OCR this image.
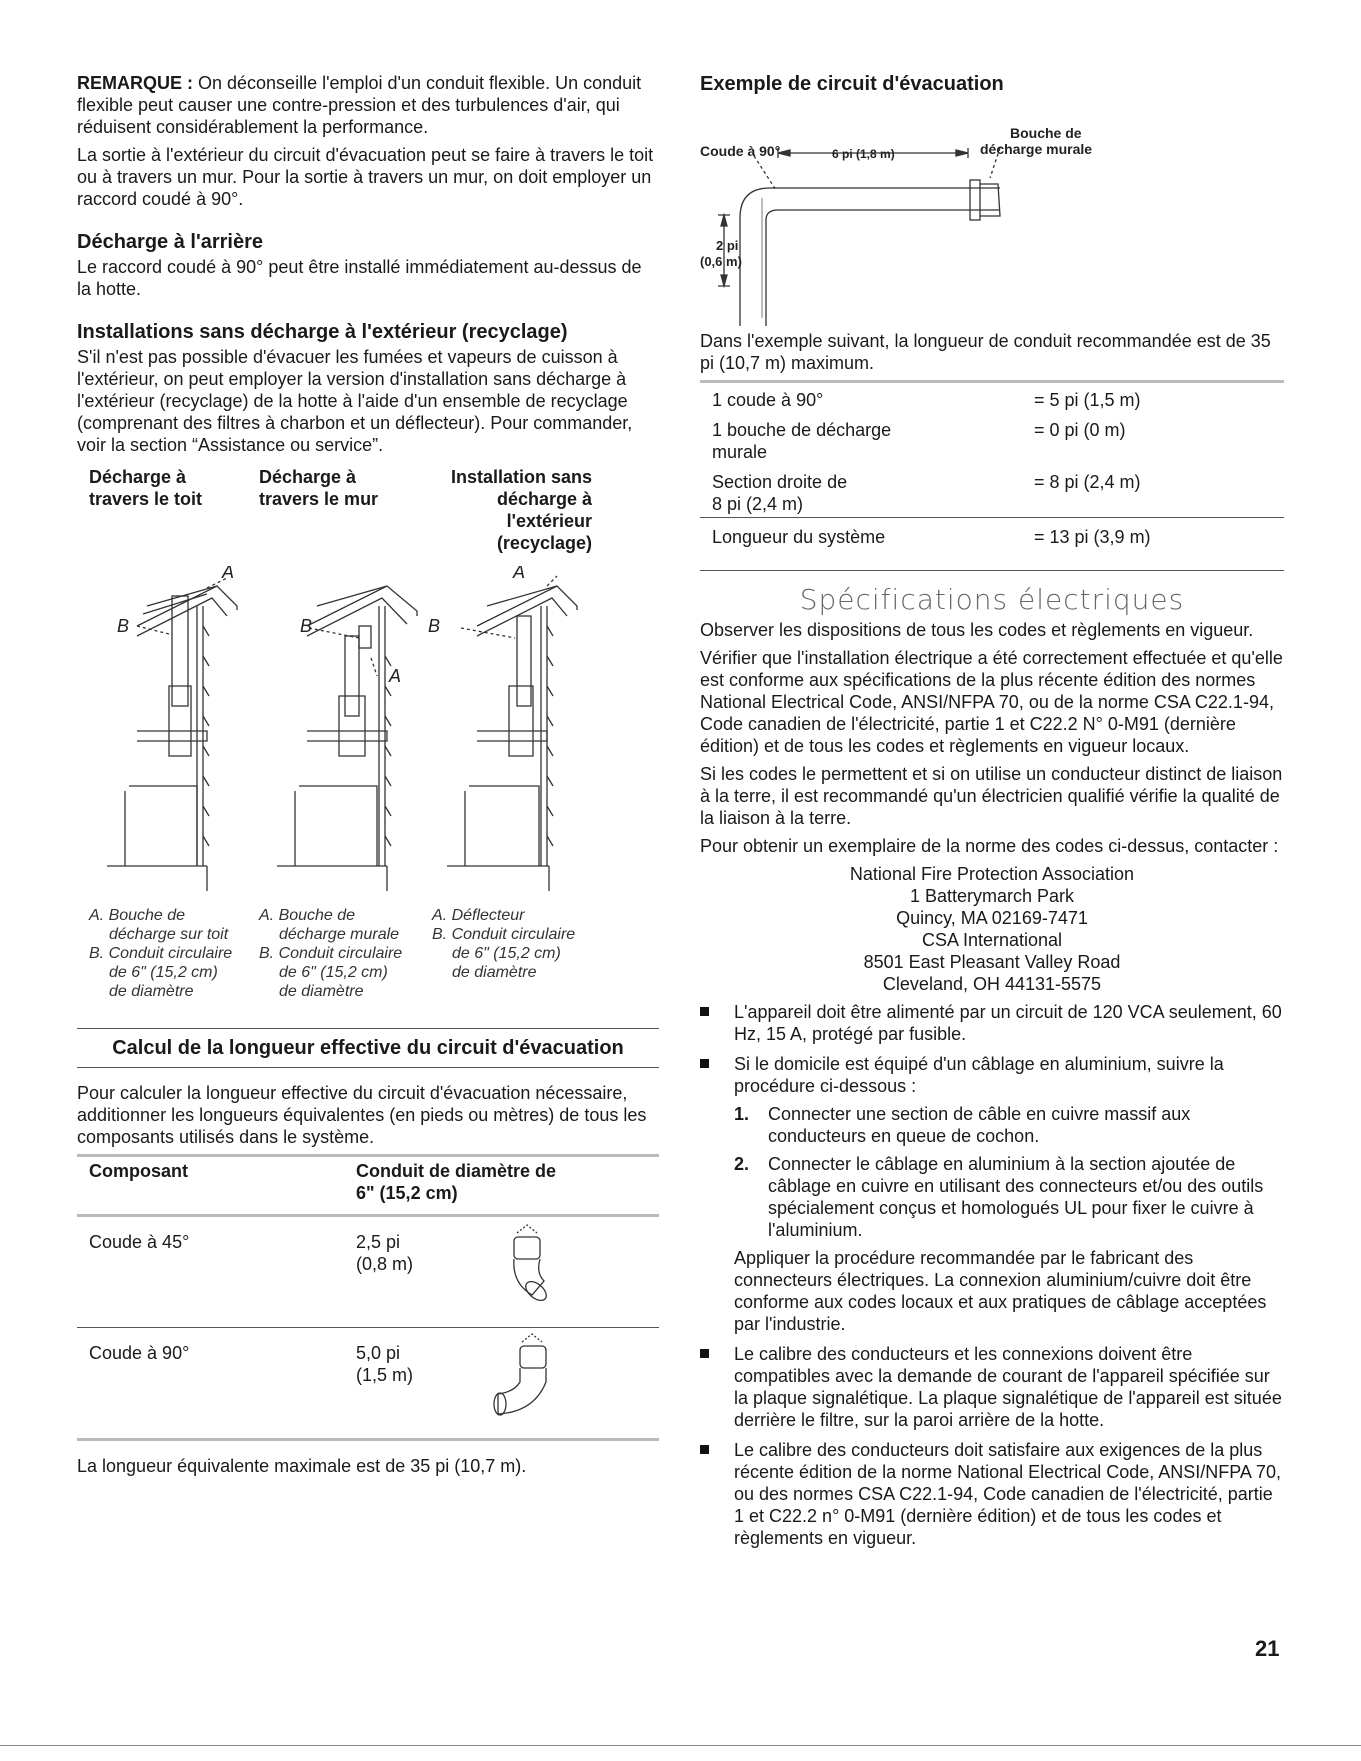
REMARQUE : On déconseille l'emploi d'un conduit flexible. Un conduit flexible peut causer une contre-pression et des turbulences d'air, qui réduisent considérablement la performance.

La sortie à l'extérieur du circuit d'évacuation peut se faire à travers le toit ou à travers un mur. Pour la sortie à travers un mur, on doit employer un raccord coudé à 90°.

Décharge à l'arrière

Le raccord coudé à 90° peut être installé immédiatement au-dessus de la hotte.

Installations sans décharge à l'extérieur (recyclage)

S'il n'est pas possible d'évacuer les fumées et vapeurs de cuisson à l'extérieur, on peut employer la version d'installation sans décharge à l'extérieur (recyclage) de la hotte à l'aide d'un ensemble de recyclage (comprenant des filtres à charbon et un déflecteur). Pour commander, voir la section “Assistance ou service”.

Décharge à
travers le toit
Décharge à
travers le mur
Installation sans
décharge à
l'extérieur
(recyclage)
A
B	B
A
B
A
A. Bouche de
décharge sur toit
B. Conduit circulaire
de 6" (15,2 cm)
de diamètre
A. Bouche de
décharge murale
B. Conduit circulaire
de 6" (15,2 cm)
de diamètre
A. Déflecteur
B. Conduit circulaire
de 6" (15,2 cm)
de diamètre
Calcul de la longueur effective du circuit d'évacuation

Pour calculer la longueur effective du circuit d'évacuation nécessaire, additionner les longueurs équivalentes (en pieds ou mètres) de tous les composants utilisés dans le système.

Composant	Conduit de diamètre de
6" (15,2 cm)
Coude à 45°	2,5 pi
(0,8 m)

Coude à 90°	5,0 pi
(1,5 m)

La longueur équivalente maximale est de 35 pi (10,7 m).

Exemple de circuit d'évacuation
Coude à 90°	6 pi (1,8 m)
Bouche de
décharge murale
2 pi
(0,6 m)

Dans l'exemple suivant, la longueur de conduit recommandée est de 35 pi (10,7 m) maximum.

1 coude à 90°	= 5 pi (1,5 m)
1 bouche de décharge
murale	= 0 pi (0 m)
Section droite de
8 pi (2,4 m)	= 8 pi (2,4 m)
Longueur du système	= 13 pi (3,9 m)
Spécifications électriques

Observer les dispositions de tous les codes et règlements en vigueur.

Vérifier que l'installation électrique a été correctement effectuée et qu'elle est conforme aux spécifications de la plus récente édition des normes National Electrical Code, ANSI/NFPA 70, ou de la norme CSA C22.1-94, Code canadien de l'électricité, partie 1 et C22.2 N° 0-M91 (dernière édition) et de tous les codes et règlements en vigueur locaux.

Si les codes le permettent et si on utilise un conducteur distinct de liaison à la terre, il est recommandé qu'un électricien qualifié vérifie la qualité de la liaison à la terre.

Pour obtenir un exemplaire de la norme des codes ci-dessus, contacter :

National Fire Protection Association

1 Batterymarch Park

Quincy, MA 02169-7471

CSA International

8501 East Pleasant Valley Road

Cleveland, OH 44131-5575

L'appareil doit être alimenté par un circuit de 120 VCA seulement, 60 Hz, 15 A, protégé par fusible.
Si le domicile est équipé d'un câblage en aluminium, suivre la procédure ci-dessous :
1. Connecter une section de câble en cuivre massif aux conducteurs en queue de cochon.
2. Connecter le câblage en aluminium à la section ajoutée de câblage en cuivre en utilisant des connecteurs et/ou des outils spécialement conçus et homologués UL pour fixer le cuivre à l'aluminium.
Appliquer la procédure recommandée par le fabricant des connecteurs électriques. La connexion aluminium/cuivre doit être conforme aux codes locaux et aux pratiques de câblage acceptées par l'industrie.
Le calibre des conducteurs et les connexions doivent être compatibles avec la demande de courant de l'appareil spécifiée sur la plaque signalétique. La plaque signalétique de l'appareil est située derrière le filtre, sur la paroi arrière de la hotte.
Le calibre des conducteurs doit satisfaire aux exigences de la plus récente édition de la norme National Electrical Code, ANSI/NFPA 70, ou des normes CSA C22.1-94, Code canadien de l'électricité, partie 1 et C22.2 n° 0-M91 (dernière édition) et de tous les codes et règlements en vigueur.
21
